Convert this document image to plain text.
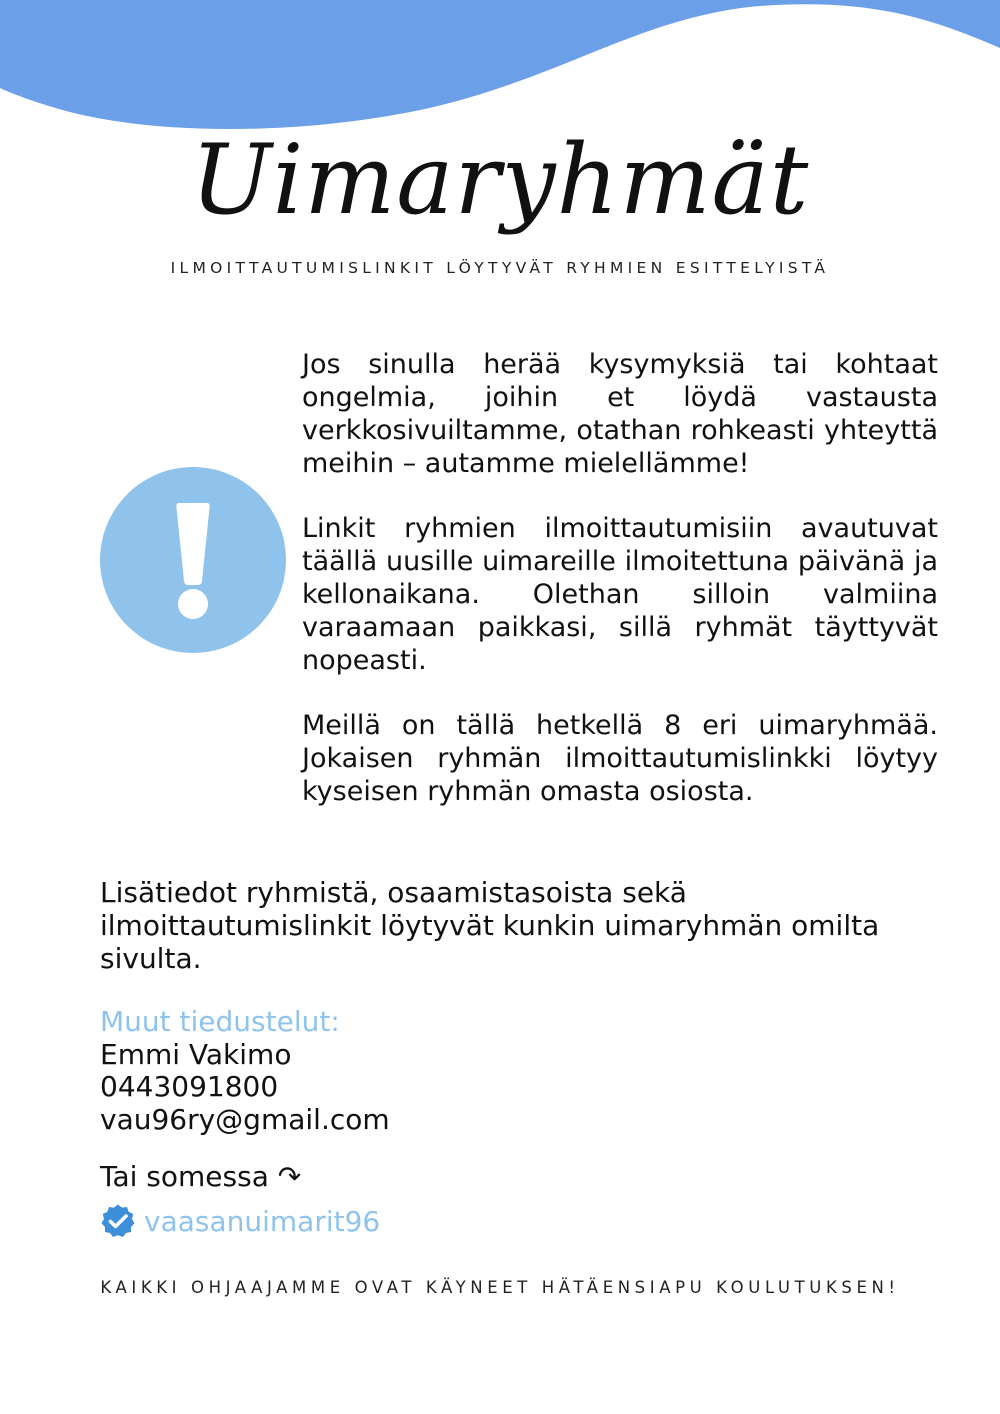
Uimaryhmät
ILMOITTAUTUMISLINKIT LÖYTYVÄT RYHMIEN ESITTELYISTÄ

Jos sinulla herää kysymyksiä tai kohtaat ongelmia, joihin et löydä vastausta verkkosivuiltamme, otathan rohkeasti yhteyttä meihin – autamme mielellämme!

Linkit ryhmien ilmoittautumisiin avautuvat täällä uusille uimareille ilmoitettuna päivänä ja kellonaikana. Olethan silloin valmiina varaamaan paikkasi, sillä ryhmät täyttyvät nopeasti.

Meillä on tällä hetkellä 8 eri uimaryhmää. Jokaisen ryhmän ilmoittautumislinkki löytyy kyseisen ryhmän omasta osiosta.

Lisätiedot ryhmistä, osaamistasoista sekä ilmoittautumislinkit löytyvät kunkin uimaryhmän omilta sivulta.

Muut tiedustelut:
Emmi Vakimo
0443091800
vau96ry@gmail.com
Tai somessa ↷
vaasanuimarit96
KAIKKI OHJAAJAMME OVAT KÄYNEET HÄTÄENSIAPU KOULUTUKSEN!
